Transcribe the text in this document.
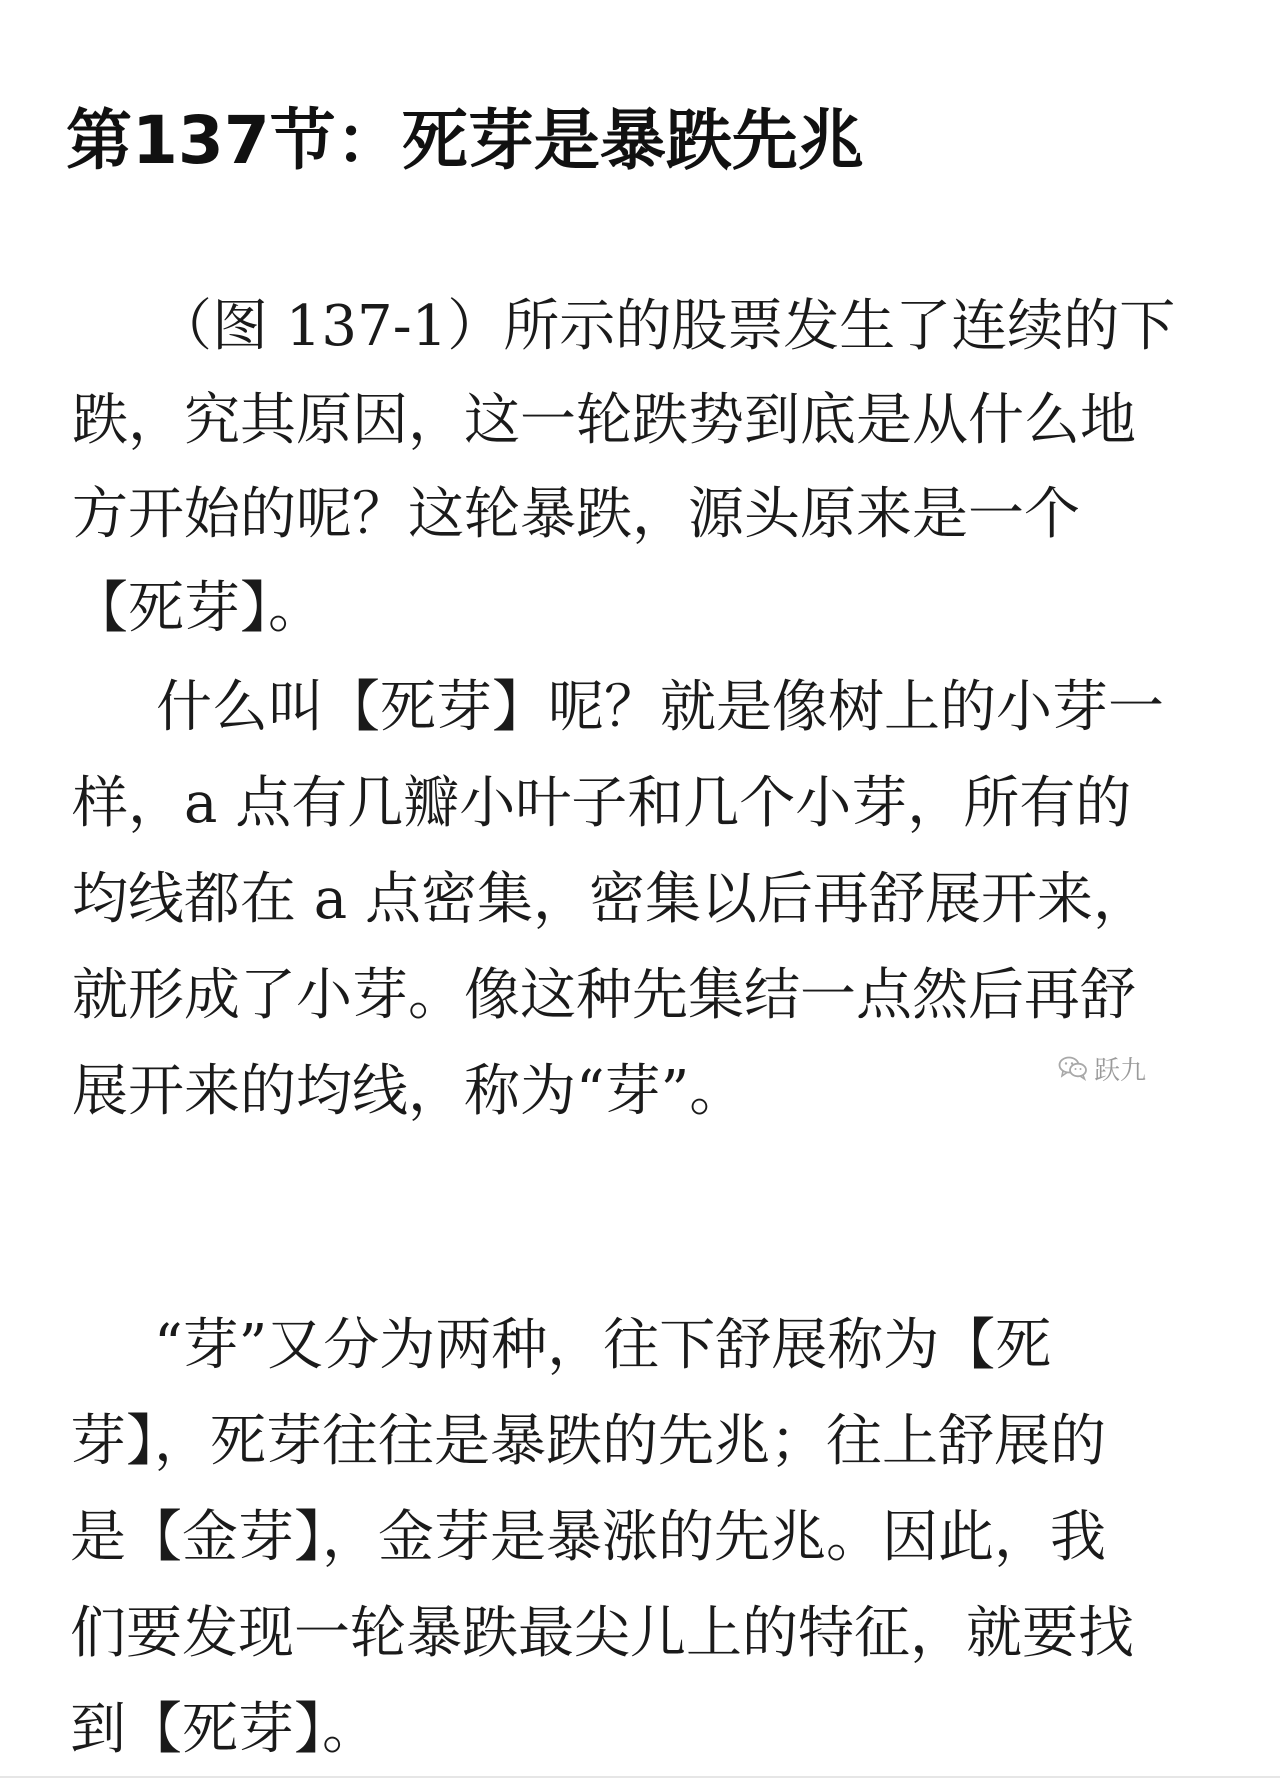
第137节：死芽是暴跌先兆
（图 137-1）所示的股票发生了连续的下
跌，究其原因，这一轮跌势到底是从什么地
方开始的呢？这轮暴跌，源头原来是一个
【死芽】。
什么叫【死芽】呢？就是像树上的小芽一
样，a 点有几瓣小叶子和几个小芽，所有的
均线都在 a 点密集，密集以后再舒展开来，
就形成了小芽。像这种先集结一点然后再舒
展开来的均线，称为“芽”。	跃九
“芽”又分为两种，往下舒展称为【死
芽】，死芽往往是暴跌的先兆；往上舒展的
是【金芽】，金芽是暴涨的先兆。因此，我
们要发现一轮暴跌最尖儿上的特征，就要找
到【死芽】。
